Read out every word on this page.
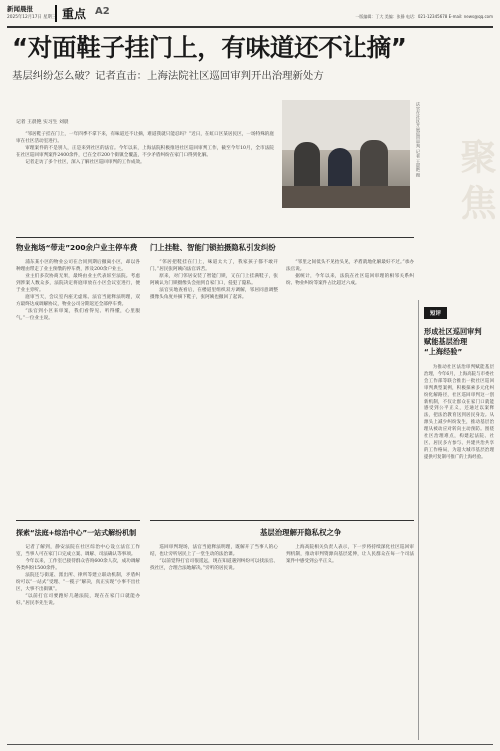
新闻晨报
2025年12月17日 星期三 重点 A2	一版编辑：丁大 美编：张静 电话：021-12345678 E-mail: news@qq.com
“对面鞋子挂门上，有味道还不让摘”
基层纠纷怎么破？记者直击：上海法院社区巡回审判开出治理新处方
记者 王晨艳 实习生 刘晨

“邻居鞋子挂在门上，一年四季不拿下来，有味道还不让摘，难道我就只能忍吗？”近日，在虹口区某居民区，一场特殊的庭审在社区活动室进行。

审理案件的不是别人，正是来到社区的法官。今年以来，上海法院积极推进社区巡回审判工作，截至今年10月，全市法院在社区巡回审判案件2400余件，已在全市200个街镇全覆盖，不少矛盾纠纷在家门口得到化解。

记者走访了多个社区，深入了解社区巡回审判的工作成效。	法官在社区开展巡回审判 记者 王晨艳 摄 聚焦
物业拖场“带走”200余户业主停车费

浦东某小区的物业公司在合同到期后撤离小区，却以各种理由带走了业主预缴的停车费，涉及200余户业主。

业主们多次协商无果，最终由业主代表诉至法院。考虑到涉案人数众多，法院决定将庭审放在小区会议室进行，便于业主旁听。

庭审当天，会议室内座无虚席。法官当庭释法明理，双方最终达成调解协议，物业公司分期返还全部停车费。

“法官到小区来审案，我们看得见、听得懂，心里服气。”一位业主说。

门上挂鞋、智能门锁拍摄隐私引发纠纷

“邻居把鞋挂在门上，味道太大了，我家孩子都不敢开门。”居民张阿姨向法官诉苦。

原来，对门邻居安装了智能门锁，又在门上挂满鞋子，张阿姨认为门锁摄像头会拍到自家门口，侵犯了隐私。

法官实地查看后，在楼道里组织双方调解，邻居同意调整摄像头角度并摘下鞋子，张阿姨也撤回了起诉。

“邻里之间低头不见抬头见，矛盾就地化解最好不过。”承办法官说。

据统计，今年以来，法院在社区巡回审理的相邻关系纠纷、物业纠纷等案件占比超过六成。

探索“法庭+综治中心”一站式解纷机制

记者了解到，静安法院在社区综治中心设立法官工作室，当事人可在家门口完成立案、调解、司法确认等事项。

今年以来，工作室已接待群众咨询600余人次，成功调解各类纠纷1500余件。

法院还与街道、派出所、律所等建立联动机制，矛盾纠纷可以“一站式”受理、“一揽子”解决，真正实现“小事不出社区，大事不出街镇”。

“以前打官司要跑好几趟法院，现在在家门口就能办好。”居民李先生说。

基层治理解开隐私权之争

巡回审判现场，法官当庭释法明理，既解开了当事人的心结，也让旁听居民上了一堂生动的法治课。

“以前觉得打官司很遥远，现在知道遇到纠纷可以找法官、找社区，合理合法地解决。”旁听的居民说。

上海高院相关负责人表示，下一步将持续深化社区巡回审判机制，推动审判资源向基层延伸，让人民群众在每一个司法案件中感受到公平正义。

短评
形成社区巡回审判
赋能基层治理
“上海经验”

为推动社区法治审判赋能基层治理，今年6月，上海高院与市委社会工作部等联合推出一批社区巡回审判典型案例，积极探索多元化纠纷化解路径，社区巡回审判这一创新机制，不仅让群众在家门口就能感受到公平正义，还通过以案释法，把法治教育送到居民身边。从源头上减少纠纷发生，推动基层治理从被动应对转向主动预防。围绕社区治理难点，构建起法院、社区、居民多方参与、共建共治共享的工作格局，为超大城市基层治理提供可复制可推广的上海经验。
